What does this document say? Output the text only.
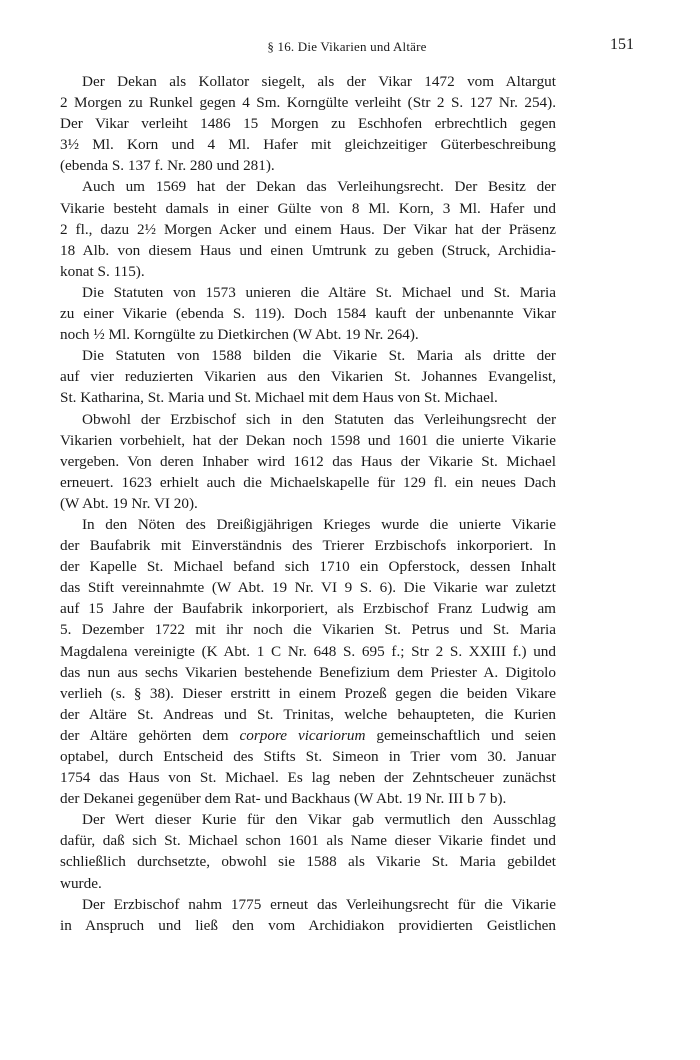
§ 16. Die Vikarien und Altäre	151

Der Dekan als Kollator siegelt, als der Vikar 1472 vom Altargut
2 Morgen zu Runkel gegen 4 Sm. Korngülte verleiht (Str 2 S. 127 Nr. 254).
Der Vikar verleiht 1486 15 Morgen zu Eschhofen erbrechtlich gegen
3½ Ml. Korn und 4 Ml. Hafer mit gleichzeitiger Güterbeschreibung
(ebenda S. 137 f. Nr. 280 und 281).

Auch um 1569 hat der Dekan das Verleihungsrecht. Der Besitz der
Vikarie besteht damals in einer Gülte von 8 Ml. Korn, 3 Ml. Hafer und
2 fl., dazu 2½ Morgen Acker und einem Haus. Der Vikar hat der Präsenz
18 Alb. von diesem Haus und einen Umtrunk zu geben (Struck, Archidia-
konat S. 115).

Die Statuten von 1573 unieren die Altäre St. Michael und St. Maria
zu einer Vikarie (ebenda S. 119). Doch 1584 kauft der unbenannte Vikar
noch ½ Ml. Korngülte zu Dietkirchen (W Abt. 19 Nr. 264).

Die Statuten von 1588 bilden die Vikarie St. Maria als dritte der
auf vier reduzierten Vikarien aus den Vikarien St. Johannes Evangelist,
St. Katharina, St. Maria und St. Michael mit dem Haus von St. Michael.

Obwohl der Erzbischof sich in den Statuten das Verleihungsrecht der
Vikarien vorbehielt, hat der Dekan noch 1598 und 1601 die unierte Vikarie
vergeben. Von deren Inhaber wird 1612 das Haus der Vikarie St. Michael
erneuert. 1623 erhielt auch die Michaelskapelle für 129 fl. ein neues Dach
(W Abt. 19 Nr. VI 20).

In den Nöten des Dreißigjährigen Krieges wurde die unierte Vikarie
der Baufabrik mit Einverständnis des Trierer Erzbischofs inkorporiert. In
der Kapelle St. Michael befand sich 1710 ein Opferstock, dessen Inhalt
das Stift vereinnahmte (W Abt. 19 Nr. VI 9 S. 6). Die Vikarie war zuletzt
auf 15 Jahre der Baufabrik inkorporiert, als Erzbischof Franz Ludwig am
5. Dezember 1722 mit ihr noch die Vikarien St. Petrus und St. Maria
Magdalena vereinigte (K Abt. 1 C Nr. 648 S. 695 f.; Str 2 S. XXIII f.) und
das nun aus sechs Vikarien bestehende Benefizium dem Priester A. Digitolo
verlieh (s. § 38). Dieser erstritt in einem Prozeß gegen die beiden Vikare
der Altäre St. Andreas und St. Trinitas, welche behaupteten, die Kurien
der Altäre gehörten dem corpore vicariorum gemeinschaftlich und seien
optabel, durch Entscheid des Stifts St. Simeon in Trier vom 30. Januar
1754 das Haus von St. Michael. Es lag neben der Zehntscheuer zunächst
der Dekanei gegenüber dem Rat- und Backhaus (W Abt. 19 Nr. III b 7 b).

Der Wert dieser Kurie für den Vikar gab vermutlich den Ausschlag
dafür, daß sich St. Michael schon 1601 als Name dieser Vikarie findet und
schließlich durchsetzte, obwohl sie 1588 als Vikarie St. Maria gebildet
wurde.

Der Erzbischof nahm 1775 erneut das Verleihungsrecht für die Vikarie
in Anspruch und ließ den vom Archidiakon providierten Geistlichen
